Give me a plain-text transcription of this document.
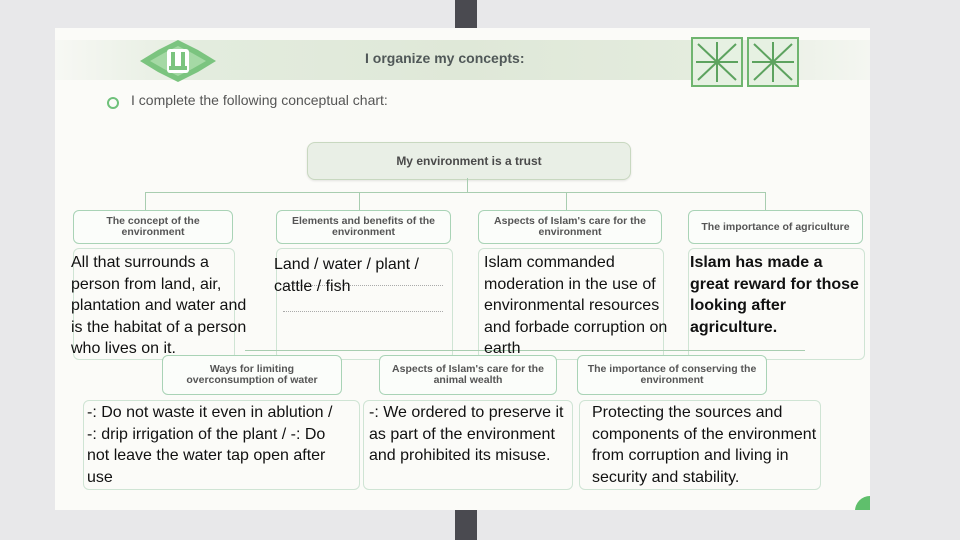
I organize my concepts:
I complete the following conceptual chart:
My environment is a trust
The concept of the environment
Elements and benefits of the environment
Aspects of Islam's care for the environment	The importance of agriculture
Ways for limiting overconsumption of water
Aspects of Islam's care for the animal wealth
The importance of conserving the environment
All that surrounds a person from land, air, plantation and water and is the habitat of a person who lives on it.
Land / water / plant / cattle / fish
Islam commanded moderation in the use of environmental resources and forbade corruption on earth
Islam has made a great reward for those looking after agriculture.
-: Do not waste it even in ablution / -: drip irrigation of the plant / -: Do not leave the water tap open after use
-: We ordered to preserve it as part of the environment and prohibited its misuse.
Protecting the sources and components of the environment from corruption and living in security and stability.
